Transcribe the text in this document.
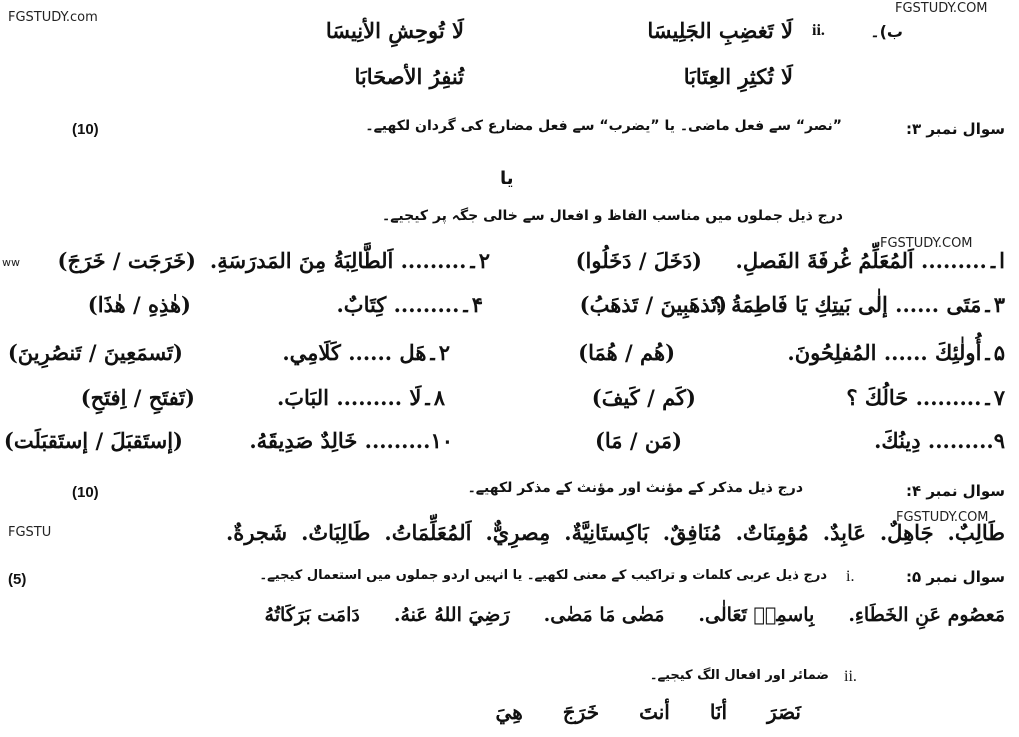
FGSTUDY.com
FGSTUDY.COM
FGSTUDY.COM
FGSTUDY.COM
FGSTU
ww
ب)۔
ii.
لَا تَغضِبِ الجَلِيسَا
لَا تُوحِشِ الأنِيسَا
لَا تُكثِرِ العِتَابَا
تُنفِرُ الأصحَابَا
سوال نمبر ۳:
”نصر“ سے فعل ماضی۔ یا ”یضرب“ سے فعل مضارع کی گردان لکھیے۔
(10)
یا
درج ذیل جملوں میں مناسب الفاظ و افعال سے خالی جگہ پر کیجیے۔
ا۔......... اَلمُعَلِّمُ غُرفَةَ الفَصلِ.
(دَخَلَ / دَخَلُوا)
۲۔......... اَلطَّالِبَةُ مِنَ المَدرَسَةِ.
(خَرَجَت / خَرَجَ)
۳۔مَتَى ...... إلٰى بَيتِكِ يَا فَاطِمَةُ ؟
(تَذهَبِينَ / تَذهَبُ)
۴۔......... كِتَابٌ.
(هٰذِهِ / هٰذَا)
۵۔أُولٰئِكَ ...... المُفلِحُونَ.
(هُم / هُمَا)
۲۔هَل ...... كَلَامِي.
(تَسمَعِينَ / تَنصُرِينَ)
۷۔......... حَالُكَ ؟
(كَم / كَيفَ)
۸۔لَا ......... البَابَ.
(تَفتَحِ / اِفتَحِ)
۹......... دِينُكَ.
(مَن / مَا)
۱۰......... خَالِدٌ صَدِيقَهُ.
(إستَقبَلَ / إستَقبَلَت)
سوال نمبر ۴:
درج ذیل مذکر کے مؤنث اور مؤنث کے مذکر لکھیے۔
(10)
طَالِبٌ.
جَاهِلٌ.
عَابِدٌ.
مُؤمِنَاتٌ.
مُنَافِقٌ.
بَاكِستَانِيَّةٌ.
مِصرِيٌّ.
اَلمُعَلِّمَاتُ.
طَالِبَاتٌ.
شَجرةٌ.
سوال نمبر ۵:
i.
درج ذیل عربی کلمات و تراکیب کے معنی لکھیے۔ یا انہیں اردو جملوں میں استعمال کیجیے۔
(5)
مَعصُوم عَنِ الخَطَاءِ.
بِاسمِهٖ تَعَالٰى.
مَضٰى مَا مَضٰى.
رَضِيَ اللهُ عَنهُ.
دَامَت بَرَكَاتُهُ
ii.
ضمائر اور افعال الگ کیجیے۔
نَصَرَ
أنَا
أنتَ
خَرَجَ
هِيَ
